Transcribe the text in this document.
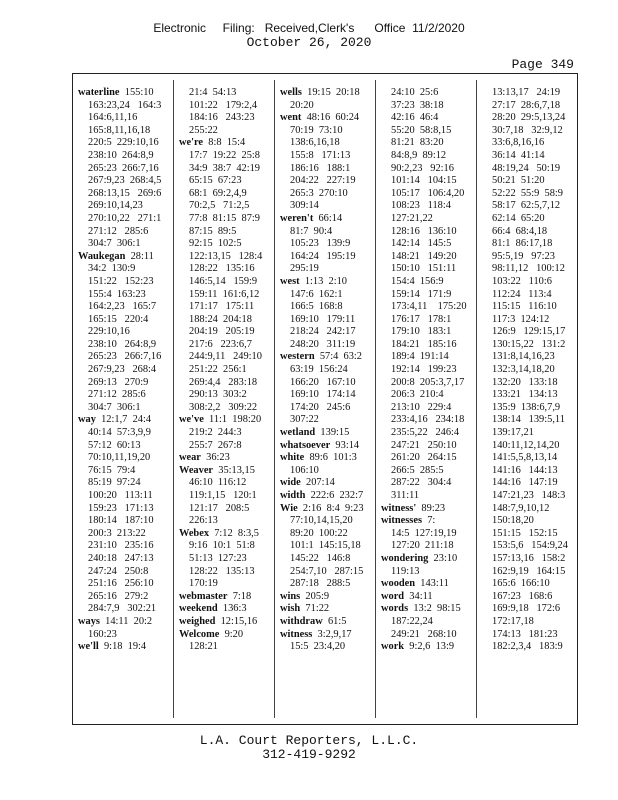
Electronic     Filing:   Received,Clerk's      Office  11/2/2020
October 26, 2020
Page 349
waterline 155:10
163:23,24   164:3
164:6,11,16
165:8,11,16,18
220:5  229:10,16
238:10  264:8,9
265:23  266:7,16
267:9,23  268:4,5
268:13,15   269:6
269:10,14,23
270:10,22   271:1
271:12   285:6
304:7  306:1
Waukegan 28:11
34:2  130:9
151:22   152:23
155:4  163:23
164:2,23   165:7
165:15   220:4
229:10,16
238:10   264:8,9
265:23   266:7,16
267:9,23   268:4
269:13   270:9
271:12  285:6
304:7  306:1
way 12:1,7  24:4
40:14  57:3,9,9
57:12  60:13
70:10,11,19,20
76:15  79:4
85:19  97:24
100:20   113:11
159:23   171:13
180:14   187:10
200:3  213:22
231:10   235:16
240:18   247:13
247:24   250:8
251:16   256:10
265:16   279:2
284:7,9   302:21
ways 14:11  20:2
160:23
we'll 9:18  19:4
21:4  54:13
101:22   179:2,4
184:16   243:23
255:22
we're 8:8  15:4
17:7  19:22  25:8
34:9  38:7  42:19
65:15  67:23
68:1  69:2,4,9
70:2,5   71:2,5
77:8  81:15  87:9
87:15  89:5
92:15  102:5
122:13,15   128:4
128:22   135:16
146:5,14   159:9
159:11  161:6,12
171:17   175:11
188:24  204:18
204:19   205:19
217:6   223:6,7
244:9,11   249:10
251:22  256:1
269:4,4   283:18
290:13  303:2
308:2,2   309:22
we've 11:1  198:20
219:2  244:3
255:7  267:8
wear 36:23
Weaver 35:13,15
46:10  116:12
119:1,15   120:1
121:17   208:5
226:13
Webex 7:12  8:3,5
9:16  10:1  51:8
51:13  127:23
128:22   135:13
170:19
webmaster 7:18
weekend 136:3
weighed 12:15,16
Welcome 9:20
128:21
wells 19:15  20:18
20:20
went 48:16  60:24
70:19  73:10
138:6,16,18
155:8   171:13
186:16   188:1
204:22   227:19
265:3  270:10
309:14
weren't 66:14
81:7  90:4
105:23   139:9
164:24   195:19
295:19
west 1:13  2:10
147:6  162:1
166:5  168:8
169:10   179:11
218:24   242:17
248:20   311:19
western 57:4  63:2
63:19  156:24
166:20   167:10
169:10   174:14
174:20   245:6
307:22
wetland 139:15
whatsoever 93:14
white 89:6  101:3
106:10
wide 207:14
width 222:6  232:7
Wie 2:16  8:4  9:23
77:10,14,15,20
89:20  100:22
101:1  145:15,18
145:22   146:8
254:7,10   287:15
287:18   288:5
wins 205:9
wish 71:22
withdraw 61:5
witness 3:2,9,17
15:5  23:4,20
24:10  25:6
37:23  38:18
42:16  46:4
55:20  58:8,15
81:21  83:20
84:8,9  89:12
90:2,23   92:16
101:14   104:15
105:17   106:4,20
108:23   118:4
127:21,22
128:16   136:10
142:14   145:5
148:21   149:20
150:10   151:11
154:4  156:9
159:14   171:9
173:4,11    175:20
176:17   178:1
179:10   183:1
184:21   185:16
189:4  191:14
192:14   199:23
200:8  205:3,7,17
206:3  210:4
213:10   229:4
233:4,16   234:18
235:5,22   246:4
247:21   250:10
261:20   264:15
266:5  285:5
287:22   304:4
311:11
witness' 89:23
witnesses 7:
14:5  127:19,19
127:20  211:18
wondering 23:10
119:13
wooden 143:11
word 34:11
words 13:2  98:15
187:22,24
249:21   268:10
work 9:2,6  13:9
13:13,17   24:19
27:17  28:6,7,18
28:20  29:5,13,24
30:7,18   32:9,12
33:6,8,16,16
36:14  41:14
48:19,24   50:19
50:21  51:20
52:22  55:9  58:9
58:17  62:5,7,12
62:14  65:20
66:4  68:4,18
81:1  86:17,18
95:5,19   97:23
98:11,12   100:12
103:22   110:6
112:24   113:4
115:15   116:10
117:3  124:12
126:9   129:15,17
130:15,22   131:2
131:8,14,16,23
132:3,14,18,20
132:20   133:18
133:21   134:13
135:9  138:6,7,9
138:14   139:5,11
139:17,21
140:11,12,14,20
141:5,5,8,13,14
141:16   144:13
144:16   147:19
147:21,23   148:3
148:7,9,10,12
150:18,20
151:15   152:15
153:5,6   154:9,24
157:13,16   158:2
162:9,19   164:15
165:6  166:10
167:23   168:6
169:9,18   172:6
172:17,18
174:13   181:23
182:2,3,4   183:9
L.A. Court Reporters, L.L.C.
312-419-9292
